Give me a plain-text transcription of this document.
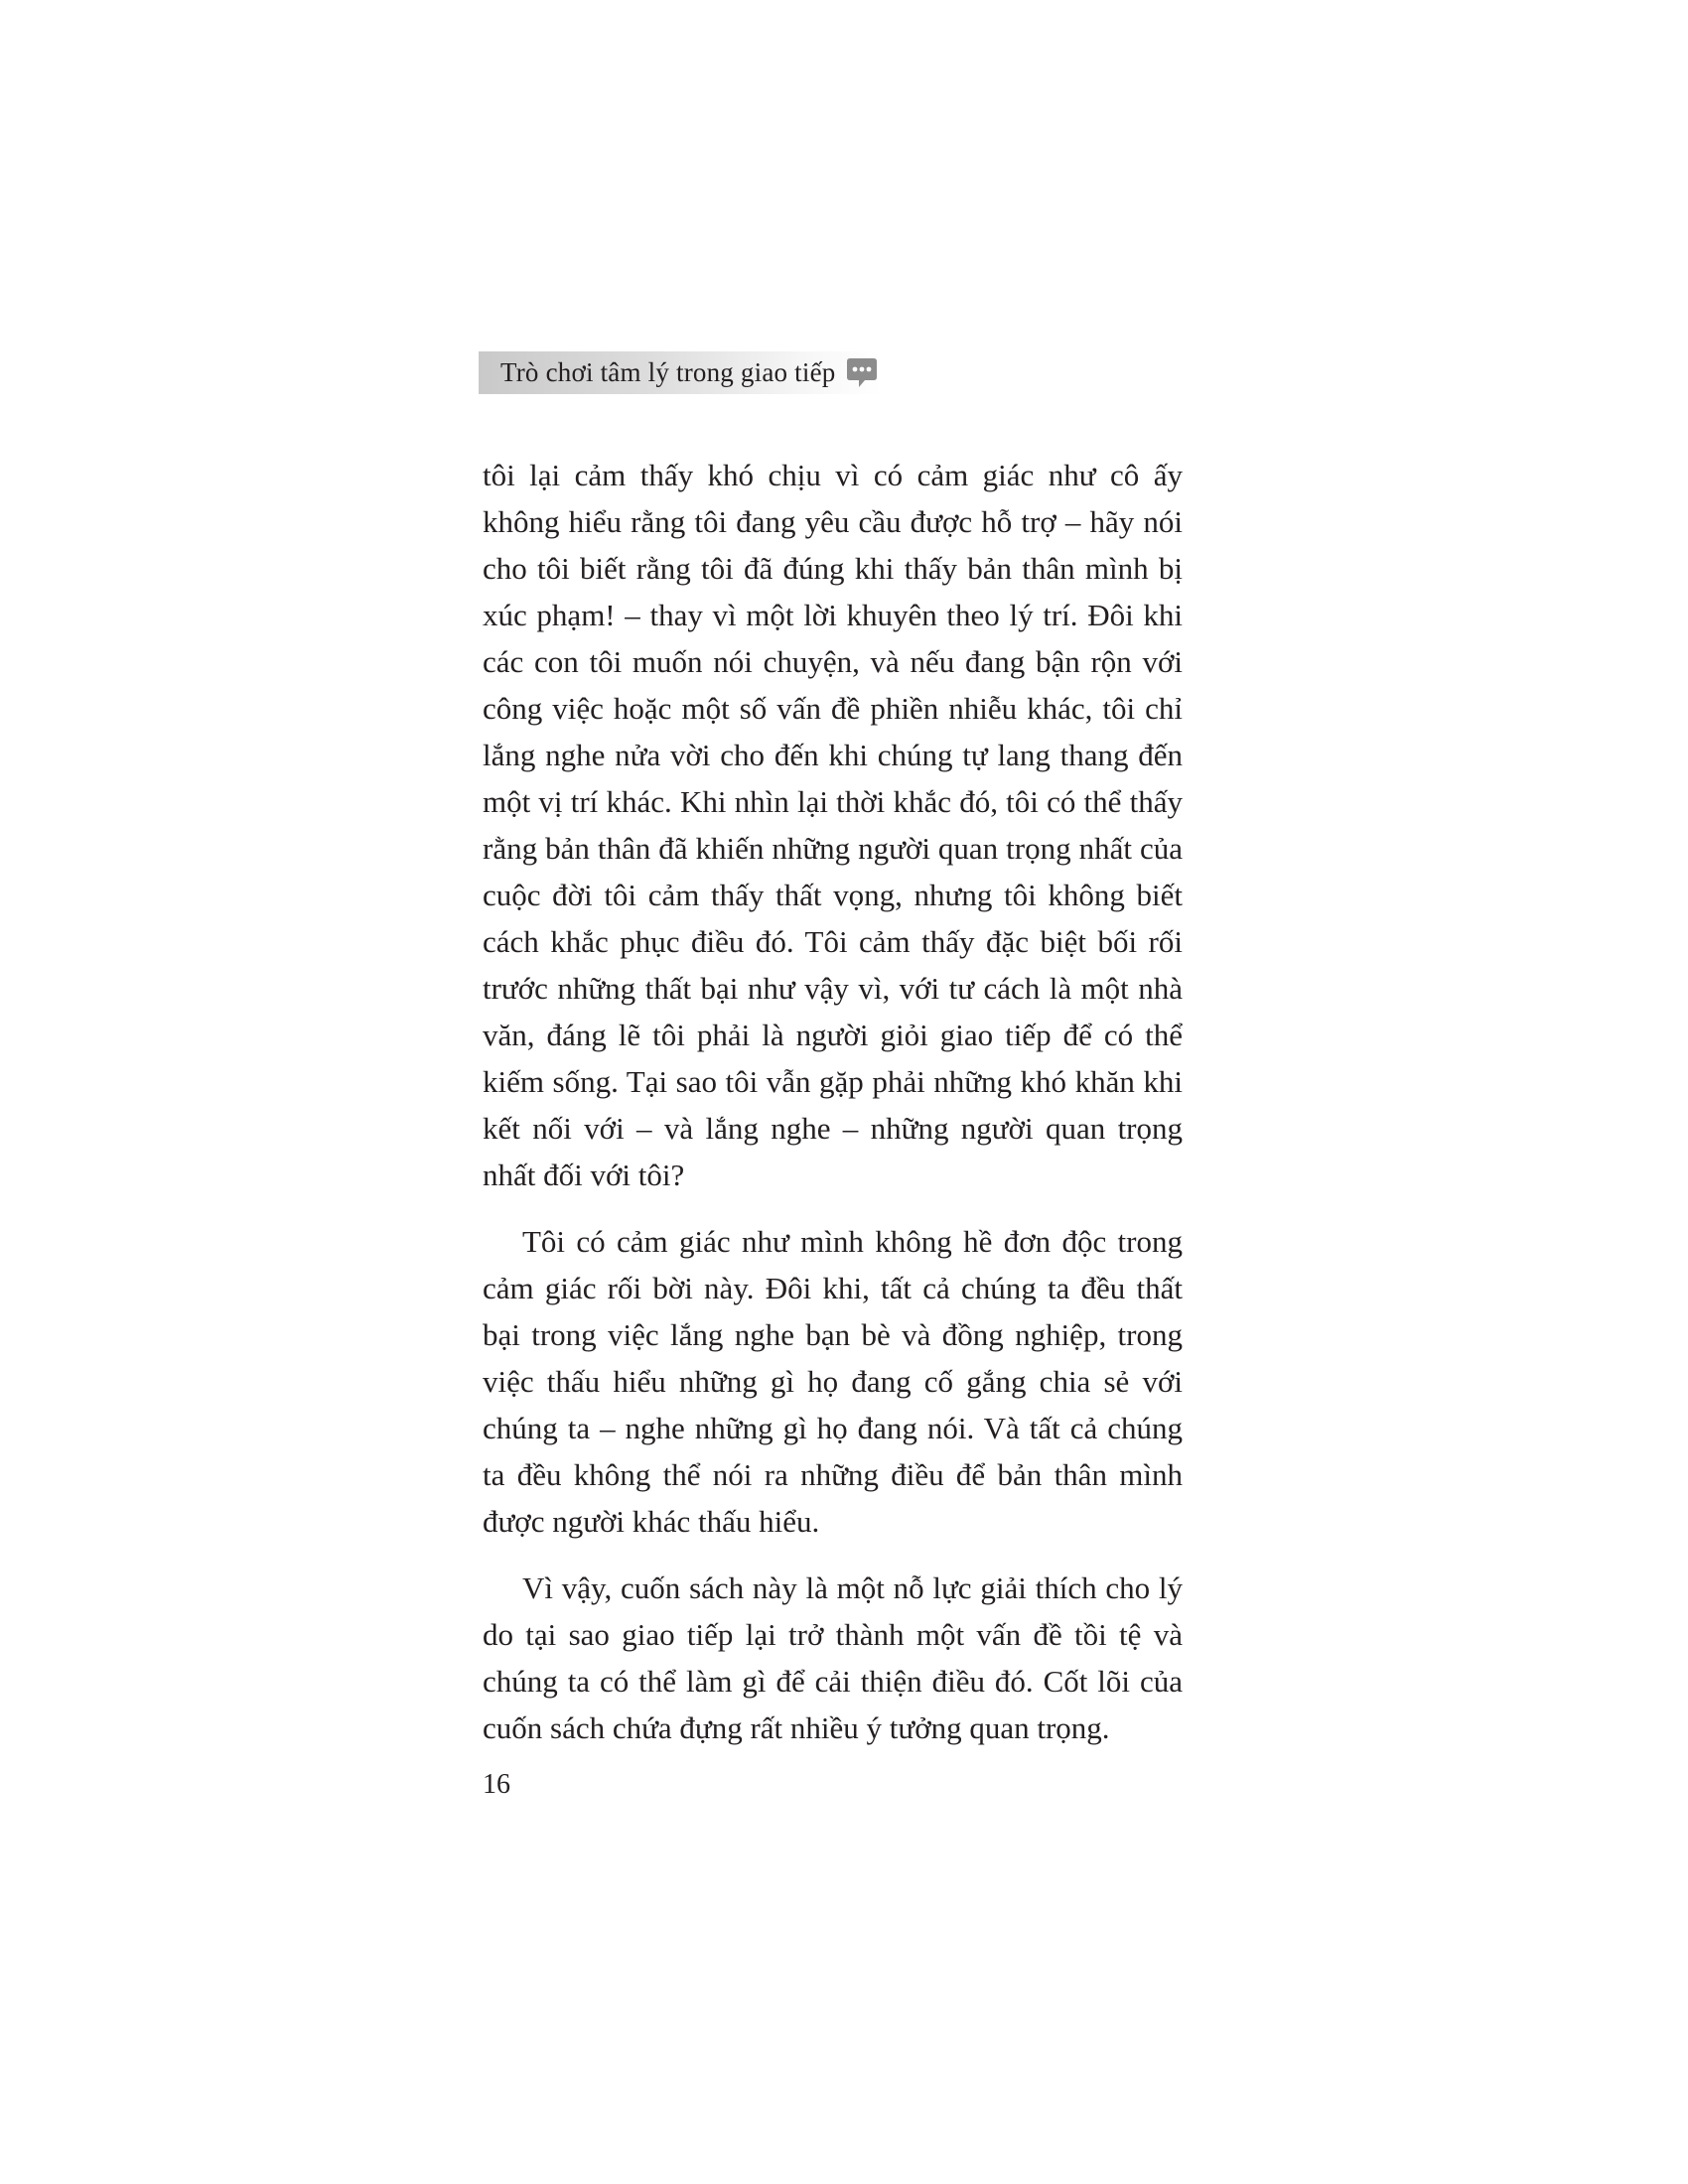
Trò chơi tâm lý trong giao tiếp

tôi lại cảm thấy khó chịu vì có cảm giác như cô ấy không hiểu rằng tôi đang yêu cầu được hỗ trợ – hãy nói cho tôi biết rằng tôi đã đúng khi thấy bản thân mình bị xúc phạm! – thay vì một lời khuyên theo lý trí. Đôi khi các con tôi muốn nói chuyện, và nếu đang bận rộn với công việc hoặc một số vấn đề phiền nhiễu khác, tôi chỉ lắng nghe nửa vời cho đến khi chúng tự lang thang đến một vị trí khác. Khi nhìn lại thời khắc đó, tôi có thể thấy rằng bản thân đã khiến những người quan trọng nhất của cuộc đời tôi cảm thấy thất vọng, nhưng tôi không biết cách khắc phục điều đó. Tôi cảm thấy đặc biệt bối rối trước những thất bại như vậy vì, với tư cách là một nhà văn, đáng lẽ tôi phải là người giỏi giao tiếp để có thể kiếm sống. Tại sao tôi vẫn gặp phải những khó khăn khi kết nối với – và lắng nghe – những người quan trọng nhất đối với tôi?

Tôi có cảm giác như mình không hề đơn độc trong cảm giác rối bời này. Đôi khi, tất cả chúng ta đều thất bại trong việc lắng nghe bạn bè và đồng nghiệp, trong việc thấu hiểu những gì họ đang cố gắng chia sẻ với chúng ta – nghe những gì họ đang nói. Và tất cả chúng ta đều không thể nói ra những điều để bản thân mình được người khác thấu hiểu.

Vì vậy, cuốn sách này là một nỗ lực giải thích cho lý do tại sao giao tiếp lại trở thành một vấn đề tồi tệ và chúng ta có thể làm gì để cải thiện điều đó. Cốt lõi của cuốn sách chứa đựng rất nhiều ý tưởng quan trọng.

16
